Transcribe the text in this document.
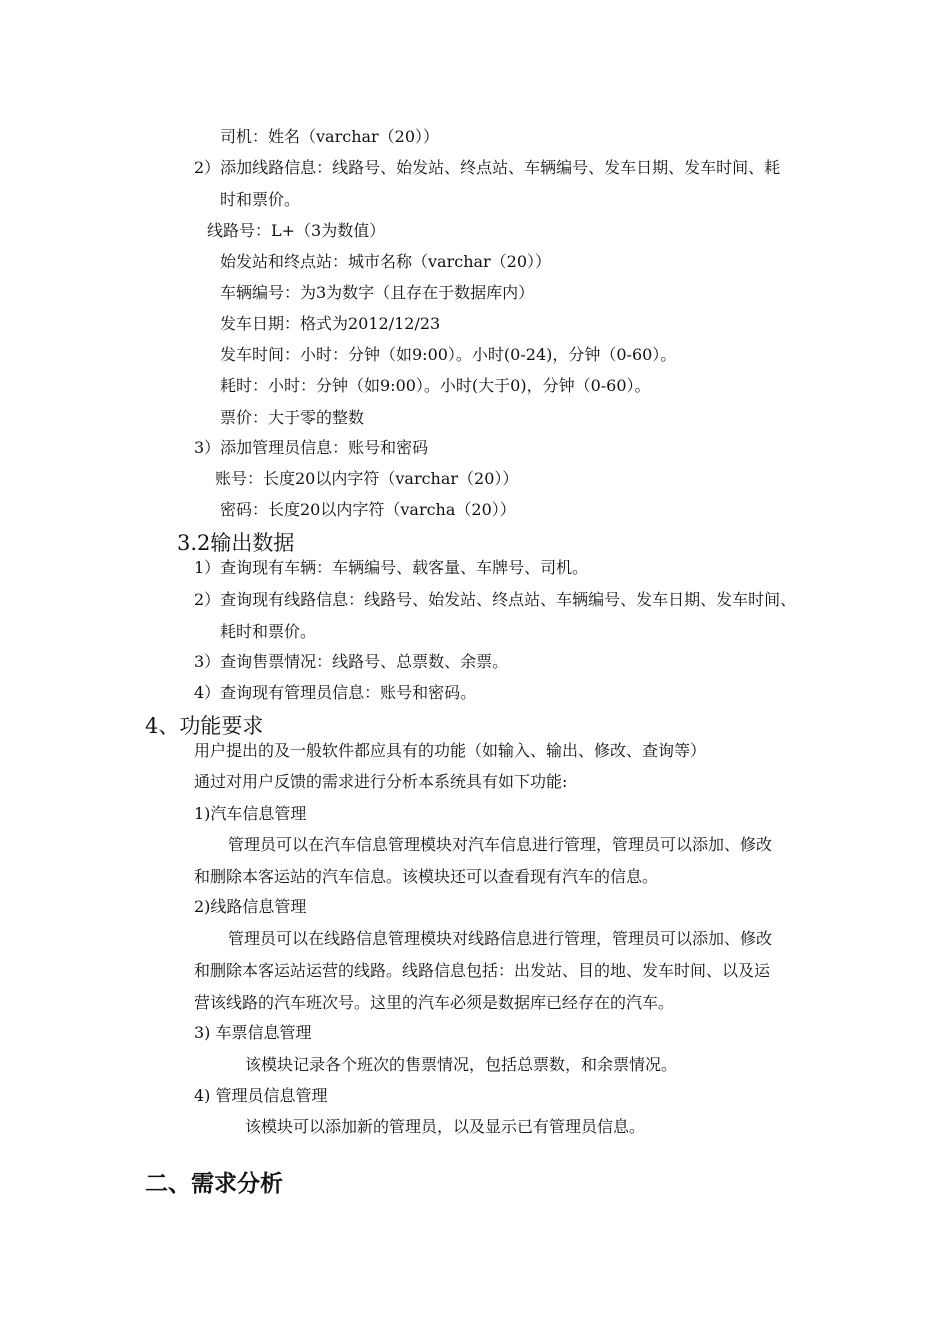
司机：姓名（varchar（20））
2）添加线路信息：线路号、始发站、终点站、车辆编号、发车日期、发车时间、耗
时和票价。
线路号：L+（3为数值）
始发站和终点站：城市名称（varchar（20））
车辆编号：为3为数字（且存在于数据库内）
发车日期：格式为2012/12/23
发车时间：小时：分钟（如9:00）。小时(0-24)，分钟（0-60）。
耗时：小时：分钟（如9:00）。小时(大于0)，分钟（0-60）。
票价：大于零的整数
3）添加管理员信息：账号和密码
账号：长度20以内字符（varchar（20））
密码：长度20以内字符（varcha（20））
3.2输出数据
1）查询现有车辆：车辆编号、载客量、车牌号、司机。
2）查询现有线路信息：线路号、始发站、终点站、车辆编号、发车日期、发车时间、
耗时和票价。
3）查询售票情况：线路号、总票数、余票。
4）查询现有管理员信息：账号和密码。
4、功能要求
用户提出的及一般软件都应具有的功能（如输入、输出、修改、查询等）
通过对用户反馈的需求进行分析本系统具有如下功能:
1)汽车信息管理
管理员可以在汽车信息管理模块对汽车信息进行管理，管理员可以添加、修改
和删除本客运站的汽车信息。该模块还可以查看现有汽车的信息。
2)线路信息管理
管理员可以在线路信息管理模块对线路信息进行管理，管理员可以添加、修改
和删除本客运站运营的线路。线路信息包括：出发站、目的地、发车时间、以及运
营该线路的汽车班次号。这里的汽车必须是数据库已经存在的汽车。
3) 车票信息管理
该模块记录各个班次的售票情况，包括总票数，和余票情况。
4) 管理员信息管理
该模块可以添加新的管理员，以及显示已有管理员信息。
二、需求分析
